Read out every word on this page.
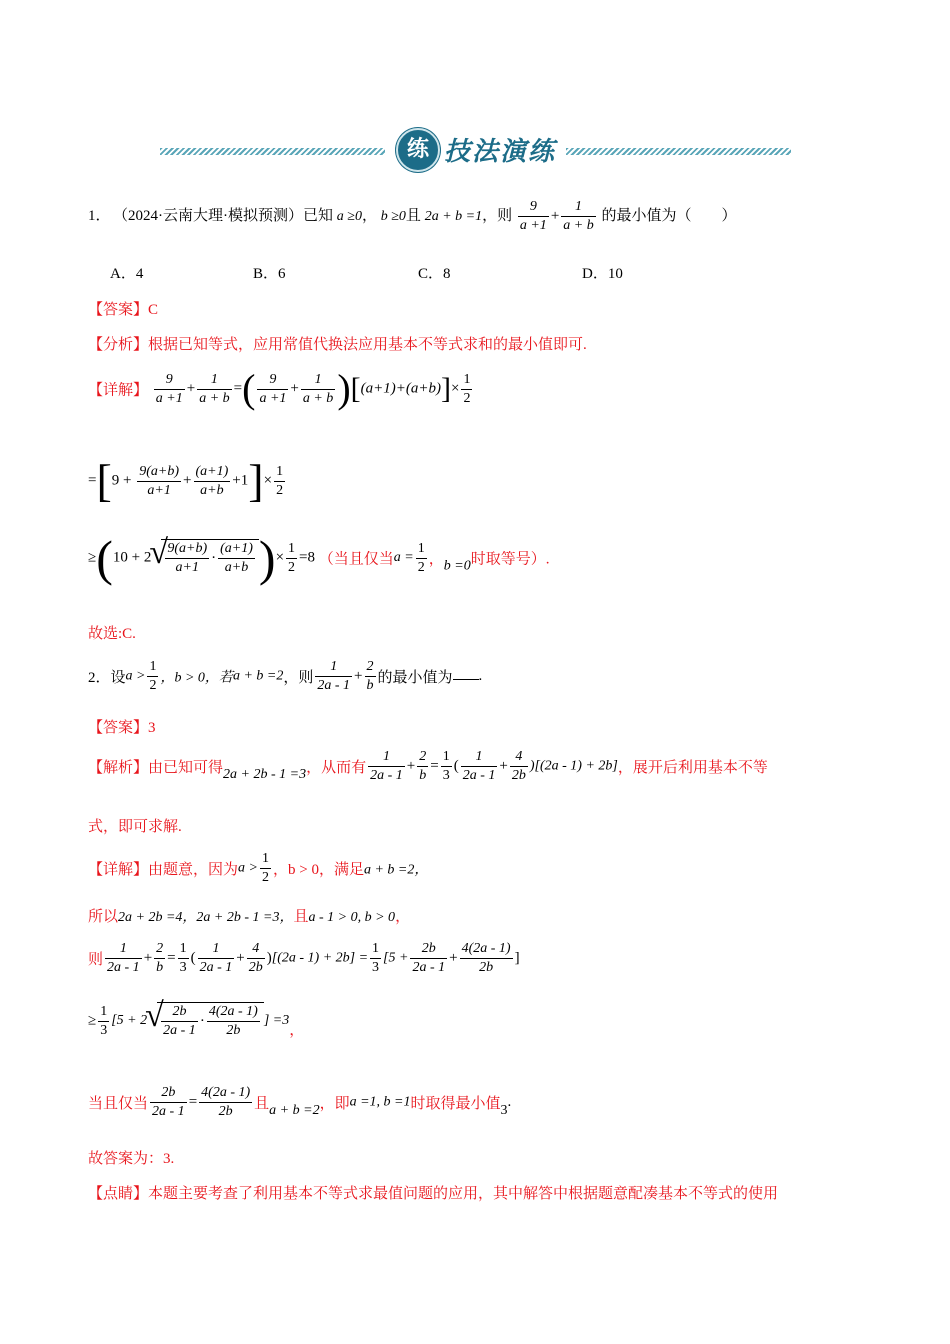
练 技法演练
1． （2024·云南大理·模拟预测）已知 a ≥0， b ≥0且 2a + b =1，则 $\frac{9}{a +1} + \frac{1}{a + b}$ 的最小值为（　　）
A．4	B．6	C．8	D．10
【答案】C
【分析】根据已知等式，应用常值代换法应用基本不等式求和的最小值即可.
【详解】 $\frac{9}{a +1} + \frac{1}{a + b}$ =( $\frac{9}{a +1} + \frac{1}{a + b} )[(a+1)+(a+b)]\times \frac{1}{2}$
$=[9 + \frac{9(a+b)}{a+1} + \frac{(a+1)}{a+b} +1]\times \frac{1}{2}$
≥(10 + 2 √ $\frac{9(a+b)}{a+1} \cdot \frac{(a+1)}{a+b}$ )× $\frac{1}{2} =8$ （当且仅当$a = \frac{1}{2}$ ，b =0时取等号）.
故选:C.
2．设$a > \frac{1}{2}$ ，b > 0，若a + b =2，则 $\frac{1}{2a - 1} + \frac{2}{b}$ 的最小值为 .
【答案】3
【解析】由已知可得2a + 2b - 1 =3，从而有 $\frac{1}{2a - 1} + \frac{2}{b} = \frac{1}{3}$ ( $\frac{1}{2a - 1} + \frac{4}{2b} )[(2a - 1) + 2b]$，展开后利用基本不等
式，即可求解.
【详解】由题意，因为$a > \frac{1}{2}$ ，b > 0，满足a + b =2，
所以2a + 2b =4，2a + 2b - 1 =3，且a - 1 > 0, b > 0，
则 $\frac{1}{2a - 1} + \frac{2}{b} = \frac{1}{3}$ ( $\frac{1}{2a - 1} + \frac{4}{2b} )[(2a - 1) + 2b] = \frac{1}{3} [5 + \frac{2b}{2a - 1} + \frac{4(2a - 1)}{2b}$ ]
≥ $\frac{1}{3} [5 + 2$ √ $\frac{2b}{2a - 1} \cdot \frac{4(2a - 1)}{2b}$ ] =3，
当且仅当 $\frac{2b}{2a - 1} = \frac{4(2a - 1)}{2b}$ 且a + b =2，即a =1, b =1时取得最小值3.
故答案为：3.
【点睛】本题主要考查了利用基本不等式求最值问题的应用，其中解答中根据题意配凑基本不等式的使用
